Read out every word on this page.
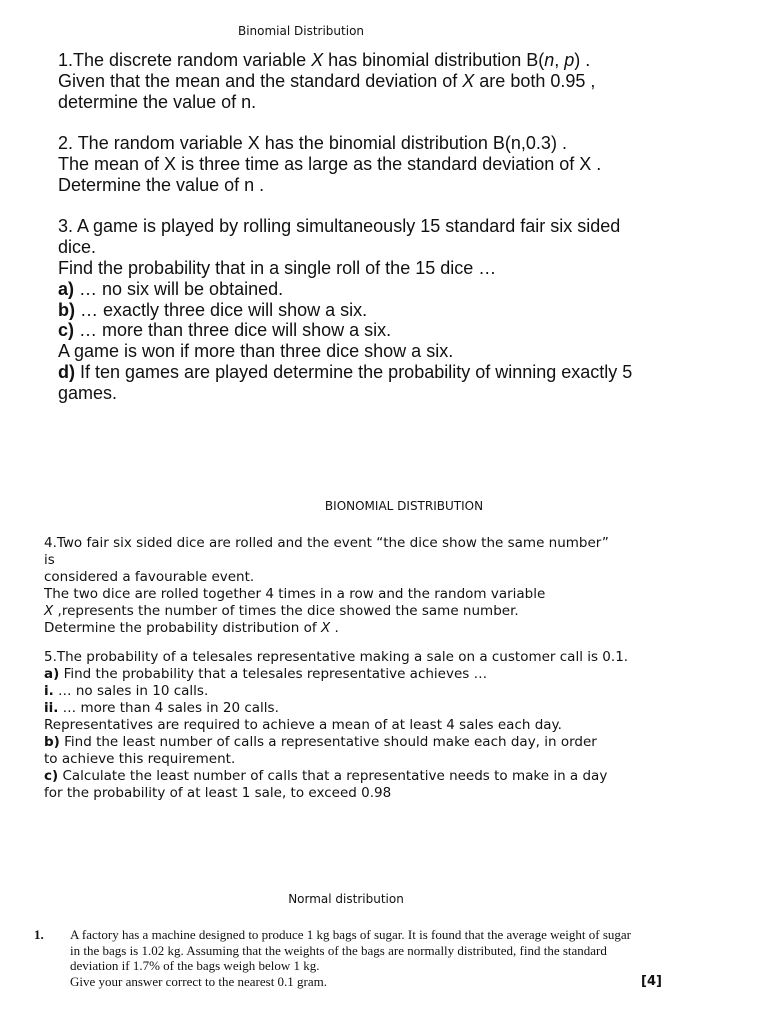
Binomial Distribution
1.The discrete random variable X has binomial distribution B(n, p) .
Given that the mean and the standard deviation of X are both 0.95 ,
determine the value of n.
2. The random variable X has the binomial distribution B(n,0.3) .
The mean of X is three time as large as the standard deviation of X .
Determine the value of n .
3. A game is played by rolling simultaneously 15 standard fair six sided
dice.
Find the probability that in a single roll of the 15 dice …
a) … no six will be obtained.
b) … exactly three dice will show a six.
c) … more than three dice will show a six.
A game is won if more than three dice show a six.
d) If ten games are played determine the probability of winning exactly 5
games.
BIONOMIAL DISTRIBUTION
4.Two fair six sided dice are rolled and the event “the dice show the same number”
is
considered a favourable event.
The two dice are rolled together 4 times in a row and the random variable
X ,represents the number of times the dice showed the same number.
Determine the probability distribution of X .
5.The probability of a telesales representative making a sale on a customer call is 0.1.
a) Find the probability that a telesales representative achieves …
i. … no sales in 10 calls.
ii. … more than 4 sales in 20 calls.
Representatives are required to achieve a mean of at least 4 sales each day.
b) Find the least number of calls a representative should make each day, in order
to achieve this requirement.
c) Calculate the least number of calls that a representative needs to make in a day
for the probability of at least 1 sale, to exceed 0.98
Normal distribution
1. A factory has a machine designed to produce 1 kg bags of sugar. It is found that the average weight of sugar
in the bags is 1.02 kg. Assuming that the weights of the bags are normally distributed, find the standard
deviation if 1.7% of the bags weigh below 1 kg.
Give your answer correct to the nearest 0.1 gram.	[4]
